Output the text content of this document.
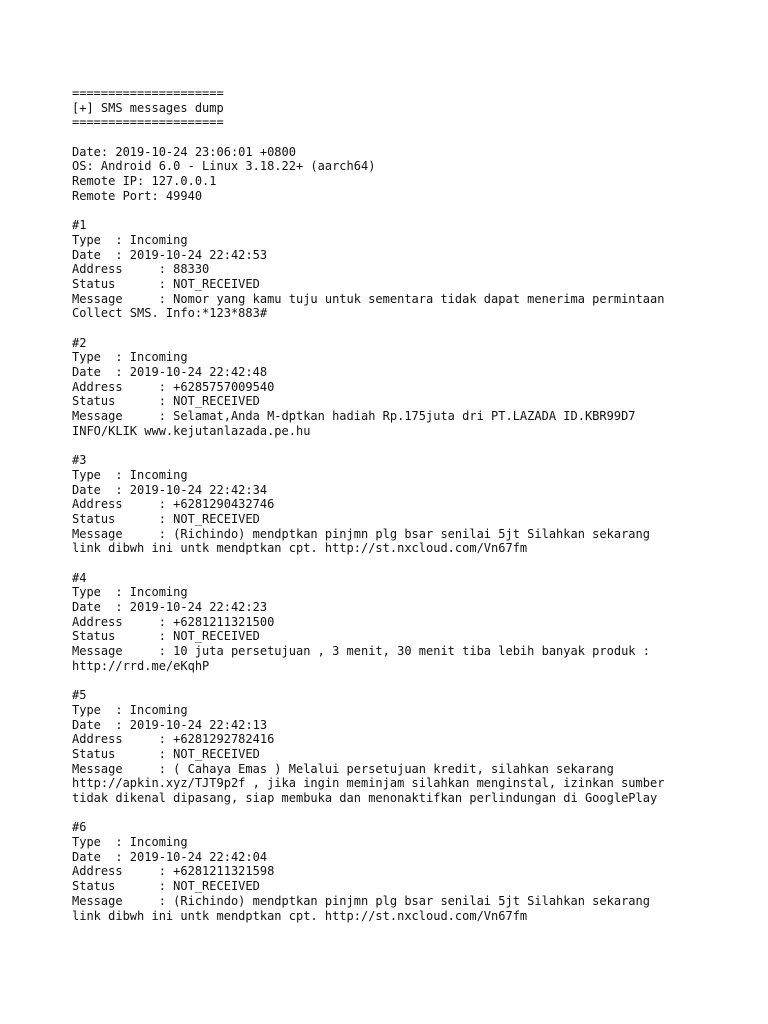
=====================
[+] SMS messages dump
=====================
Date: 2019-10-24 23:06:01 +0800
OS: Android 6.0 - Linux 3.18.22+ (aarch64)
Remote IP: 127.0.0.1
Remote Port: 49940
#1
Type  : Incoming
Date  : 2019-10-24 22:42:53
Address     : 88330
Status      : NOT_RECEIVED
Message     : Nomor yang kamu tuju untuk sementara tidak dapat menerima permintaan
Collect SMS. Info:*123*883#
#2
Type  : Incoming
Date  : 2019-10-24 22:42:48
Address     : +6285757009540
Status      : NOT_RECEIVED
Message     : Selamat,Anda M-dptkan hadiah Rp.175juta dri PT.LAZADA ID.KBR99D7
INFO/KLIK www.kejutanlazada.pe.hu
#3
Type  : Incoming
Date  : 2019-10-24 22:42:34
Address     : +6281290432746
Status      : NOT_RECEIVED
Message     : (Richindo) mendptkan pinjmn plg bsar senilai 5jt Silahkan sekarang
link dibwh ini untk mendptkan cpt. http://st.nxcloud.com/Vn67fm
#4
Type  : Incoming
Date  : 2019-10-24 22:42:23
Address     : +6281211321500
Status      : NOT_RECEIVED
Message     : 10 juta persetujuan , 3 menit, 30 menit tiba lebih banyak produk :
http://rrd.me/eKqhP
#5
Type  : Incoming
Date  : 2019-10-24 22:42:13
Address     : +6281292782416
Status      : NOT_RECEIVED
Message     : ( Cahaya Emas ) Melalui persetujuan kredit, silahkan sekarang
http://apkin.xyz/TJT9p2f , jika ingin meminjam silahkan menginstal, izinkan sumber
tidak dikenal dipasang, siap membuka dan menonaktifkan perlindungan di GooglePlay
#6
Type  : Incoming
Date  : 2019-10-24 22:42:04
Address     : +6281211321598
Status      : NOT_RECEIVED
Message     : (Richindo) mendptkan pinjmn plg bsar senilai 5jt Silahkan sekarang
link dibwh ini untk mendptkan cpt. http://st.nxcloud.com/Vn67fm
